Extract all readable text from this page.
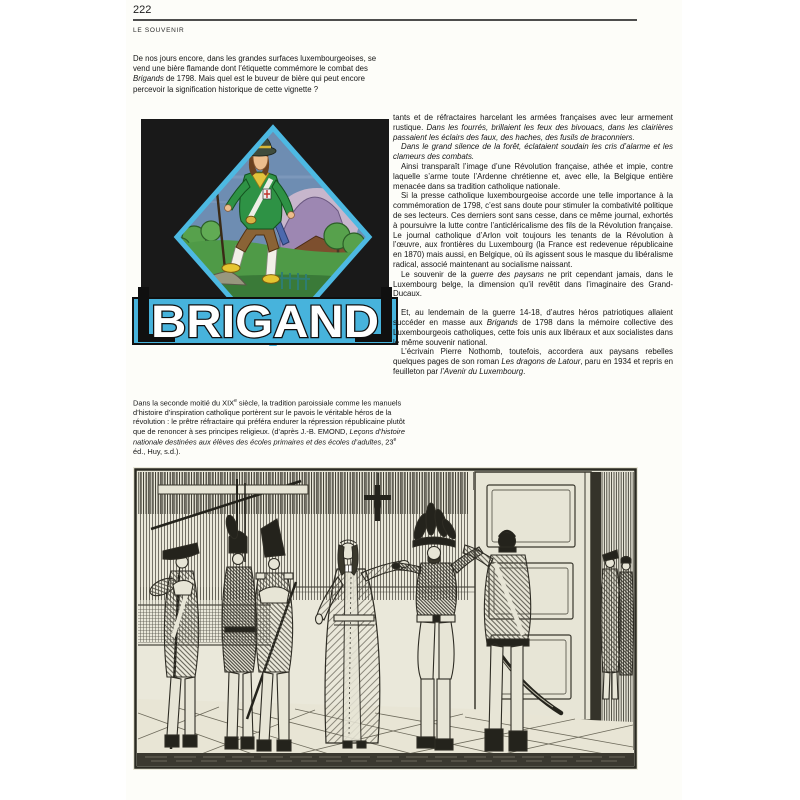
222
LE SOUVENIR

De nos jours encore, dans les grandes surfaces luxembourgeoises, se vend une bière flamande dont l’étiquette commémore le combat des Brigands de 1798. Mais quel est le buveur de bière qui peut encore percevoir la signification historique de cette vignette ?

BRIGAND

Dans la seconde moitié du XIXe siècle, la tradition paroissiale comme les manuels d’histoire d’inspiration catholique portèrent sur le pavois le véritable héros de la révolution : le prêtre réfractaire qui préféra endurer la répression républicaine plutôt que de renoncer à ses principes religieux. (d’après J.-B. EMOND, Leçons d’histoire nationale destinées aux élèves des écoles primaires et des écoles d’adultes, 23e éd., Huy, s.d.).

tants et de réfractaires harcelant les armées françaises avec leur armement rustique. Dans les fourrés, brillaient les feux des bivouacs, dans les clairières passaient les éclairs des faux, des haches, des fusils de braconniers.

Dans le grand silence de la forêt, éclataient soudain les cris d’alarme et les clameurs des combats.

Ainsi transparaît l’image d’une Révolution française, athée et impie, contre laquelle s’arme toute l’Ardenne chrétienne et, avec elle, la Belgique entière menacée dans sa tradition catholique nationale.

Si la presse catholique luxembourgeoise accorde une telle importance à la commémoration de 1798, c’est sans doute pour stimuler la combativité politique de ses lecteurs. Ces derniers sont sans cesse, dans ce même journal, exhortés à poursuivre la lutte contre l’anticléricalisme des fils de la Révolution française. Le journal catholique d’Arlon voit toujours les tenants de la Révolution à l’œuvre, aux frontières du Luxembourg (la France est redevenue républicaine en 1870) mais aussi, en Belgique, où ils agissent sous le masque du libéralisme radical, associé maintenant au socialisme naissant.

Le souvenir de la guerre des paysans ne prit cependant jamais, dans le Luxembourg belge, la dimension qu’il revêtit dans l’imaginaire des Grand-Ducaux.

Et, au lendemain de la guerre 14-18, d’autres héros patriotiques allaient succéder en masse aux Brigands de 1798 dans la mémoire collective des Luxembourgeois catholiques, cette fois unis aux libéraux et aux socialistes dans le même souvenir national.

L’écrivain Pierre Nothomb, toutefois, accordera aux paysans rebelles quelques pages de son roman Les dragons de Latour, paru en 1934 et repris en feuilleton par l’Avenir du Luxembourg.
